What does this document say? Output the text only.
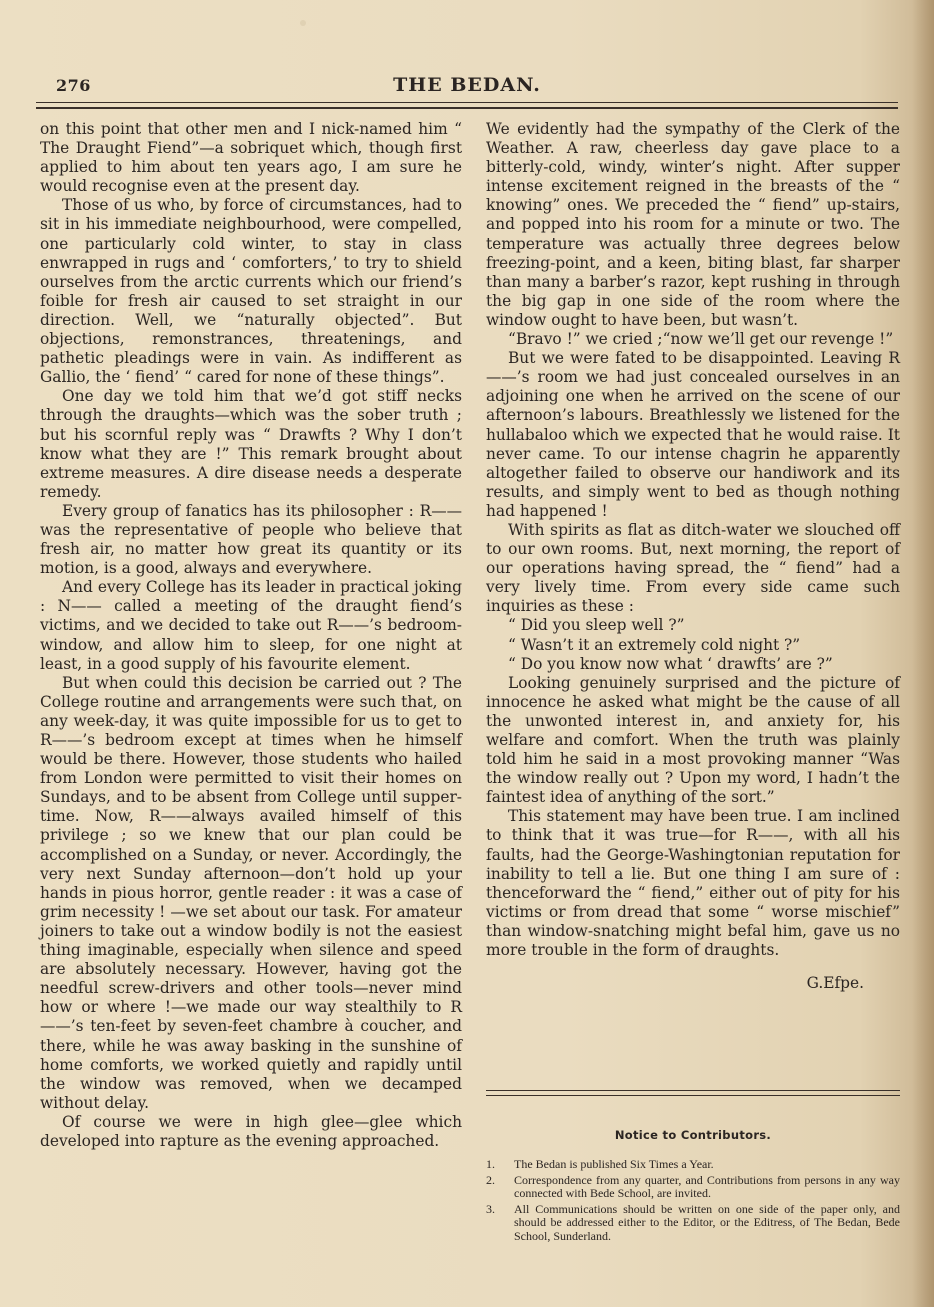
276	THE BEDAN.

on this point that other men and I nick-named him “ The Draught Fiend”—a sobriquet which, though first applied to him about ten years ago, I am sure he would recognise even at the present day.

Those of us who, by force of circumstances, had to sit in his immediate neighbourhood, were compelled, one particularly cold winter, to stay in class enwrapped in rugs and ‘ comforters,’ to try to shield ourselves from the arctic currents which our friend’s foible for fresh air caused to set straight in our direction. Well, we “naturally objected”. But objections, remonstrances, threatenings, and pathetic pleadings were in vain. As indifferent as Gallio, the ‘ fiend’ “ cared for none of these things”.

One day we told him that we’d got stiff necks through the draughts—which was the sober truth ; but his scornful reply was “ Drawfts ? Why I don’t know what they are !” This remark brought about extreme measures. A dire disease needs a desperate remedy.

Every group of fanatics has its philosopher : R——was the representative of people who believe that fresh air, no matter how great its quantity or its motion, is a good, always and everywhere.

And every College has its leader in practical joking : N—— called a meeting of the draught fiend’s victims, and we decided to take out R——’s bedroom-window, and allow him to sleep, for one night at least, in a good supply of his favourite element.

But when could this decision be carried out ? The College routine and arrangements were such that, on any week-day, it was quite impossible for us to get to R——’s bedroom except at times when he himself would be there. However, those students who hailed from London were permitted to visit their homes on Sundays, and to be absent from College until supper-time. Now, R——always availed himself of this privilege ; so we knew that our plan could be accomplished on a Sunday, or never. Accordingly, the very next Sunday afternoon—don’t hold up your hands in pious horror, gentle reader : it was a case of grim necessity ! —we set about our task. For amateur joiners to take out a window bodily is not the easiest thing imaginable, especially when silence and speed are absolutely necessary. However, having got the needful screw-drivers and other tools—never mind how or where !—we made our way stealthily to R——’s ten-feet by seven-feet chambre à coucher, and there, while he was away basking in the sunshine of home comforts, we worked quietly and rapidly until the window was removed, when we decamped without delay.

Of course we were in high glee—glee which developed into rapture as the evening approached.

We evidently had the sympathy of the Clerk of the Weather. A raw, cheerless day gave place to a bitterly-cold, windy, winter’s night. After supper intense excitement reigned in the breasts of the “ knowing” ones. We preceded the “ fiend” up-stairs, and popped into his room for a minute or two. The temperature was actually three degrees below freezing-point, and a keen, biting blast, far sharper than many a barber’s razor, kept rushing in through the big gap in one side of the room where the window ought to have been, but wasn’t.

“Bravo !” we cried ;“now we’ll get our revenge !”

But we were fated to be disappointed. Leaving R——’s room we had just concealed ourselves in an adjoining one when he arrived on the scene of our afternoon’s labours. Breathlessly we listened for the hullabaloo which we expected that he would raise. It never came. To our intense chagrin he apparently altogether failed to observe our handiwork and its results, and simply went to bed as though nothing had happened !

With spirits as flat as ditch-water we slouched off to our own rooms. But, next morning, the report of our operations having spread, the “ fiend” had a very lively time. From every side came such inquiries as these :

“ Did you sleep well ?”

“ Wasn’t it an extremely cold night ?”

“ Do you know now what ‘ drawfts’ are ?”

Looking genuinely surprised and the picture of innocence he asked what might be the cause of all the unwonted interest in, and anxiety for, his welfare and comfort. When the truth was plainly told him he said in a most provoking manner “Was the window really out ? Upon my word, I hadn’t the faintest idea of anything of the sort.”

This statement may have been true. I am inclined to think that it was true—for R——, with all his faults, had the George-Washingtonian reputation for inability to tell a lie. But one thing I am sure of : thenceforward the “ fiend,” either out of pity for his victims or from dread that some “ worse mischief” than window-snatching might befal him, gave us no more trouble in the form of draughts.

G.Efpe.

Notice to Contributors.
1. The Bedan is published Six Times a Year.
2. Correspondence from any quarter, and Contributions from persons in any way connected with Bede School, are invited.
3. All Communications should be written on one side of the paper only, and should be addressed either to the Editor, or the Editress, of The Bedan, Bede School, Sunderland.
